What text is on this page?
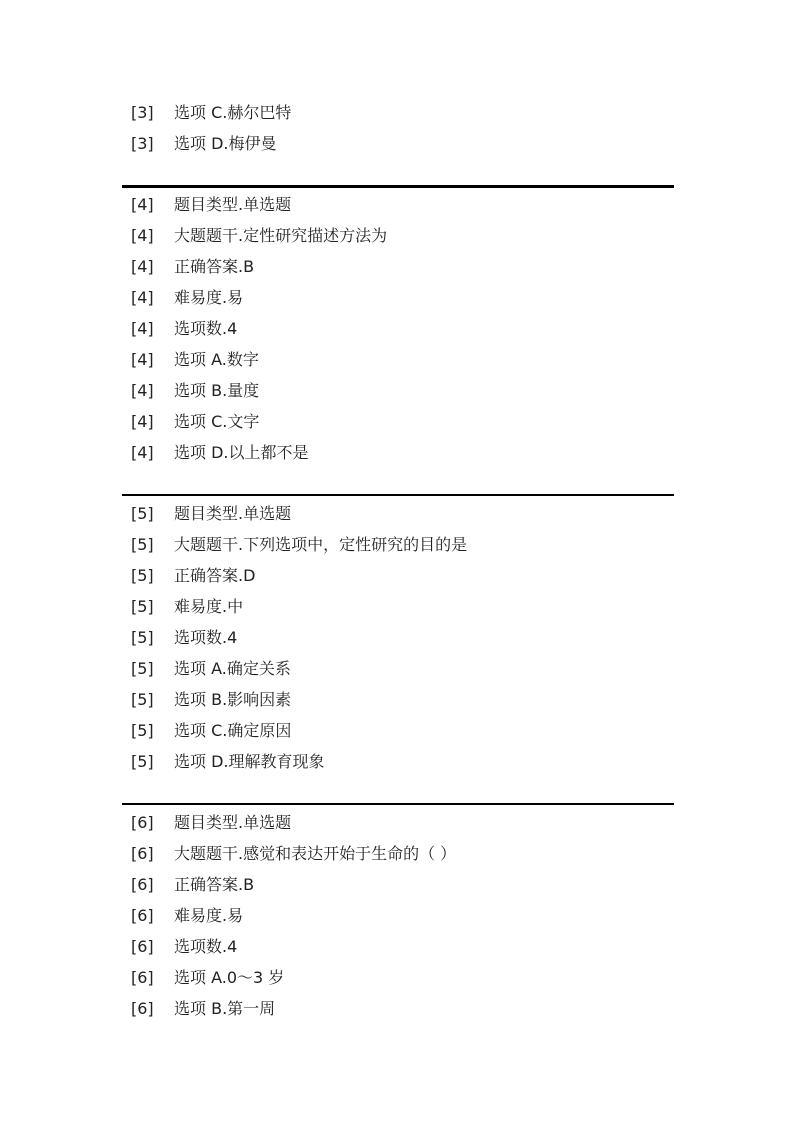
[3] 选项 C.赫尔巴特
[3] 选项 D.梅伊曼
[4] 题目类型.单选题
[4] 大题题干.定性研究描述方法为
[4] 正确答案.B
[4] 难易度.易
[4] 选项数.4
[4] 选项 A.数字
[4] 选项 B.量度
[4] 选项 C.文字
[4] 选项 D.以上都不是
[5] 题目类型.单选题
[5] 大题题干.下列选项中，定性研究的目的是
[5] 正确答案.D
[5] 难易度.中
[5] 选项数.4
[5] 选项 A.确定关系
[5] 选项 B.影响因素
[5] 选项 C.确定原因
[5] 选项 D.理解教育现象
[6] 题目类型.单选题
[6] 大题题干.感觉和表达开始于生命的（ ）
[6] 正确答案.B
[6] 难易度.易
[6] 选项数.4
[6] 选项 A.0～3 岁
[6] 选项 B.第一周
